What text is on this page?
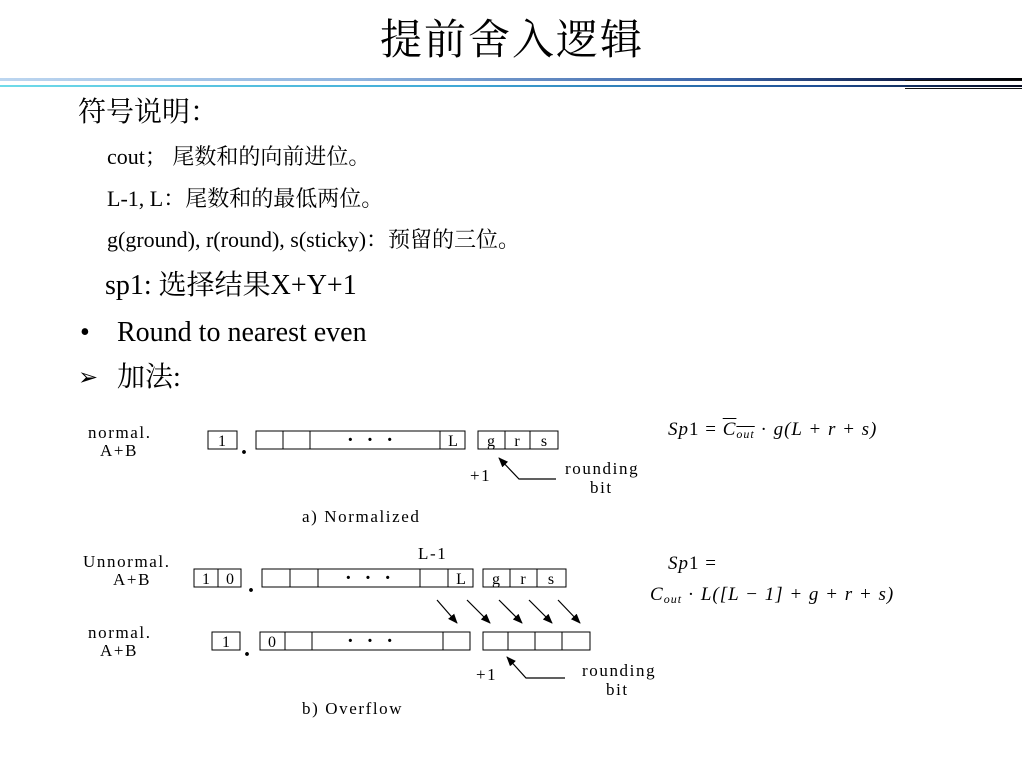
提前舍入逻辑
符号说明：
cout； 尾数和的向前进位。
L-1, L：尾数和的最低两位。
g(ground), r(round), s(sticky)：预留的三位。
sp1: 选择结果X+Y+1
• Round to nearest even
➢ 加法:
normal.
A+B	1 .	· · ·	L g r s
+1	rounding
bit
a) Normalized
Unnormal.
A+B
L-1
1 0 .	· · ·	L g r s
normal.
A+B	1 . 0	· · ·
+1	rounding
bit
b) Overflow
$Sp1 = C_{out} \cdot g(L + r + s)$
Sp1 =
$C_{out} \cdot L([L - 1] + g + r + s)$
